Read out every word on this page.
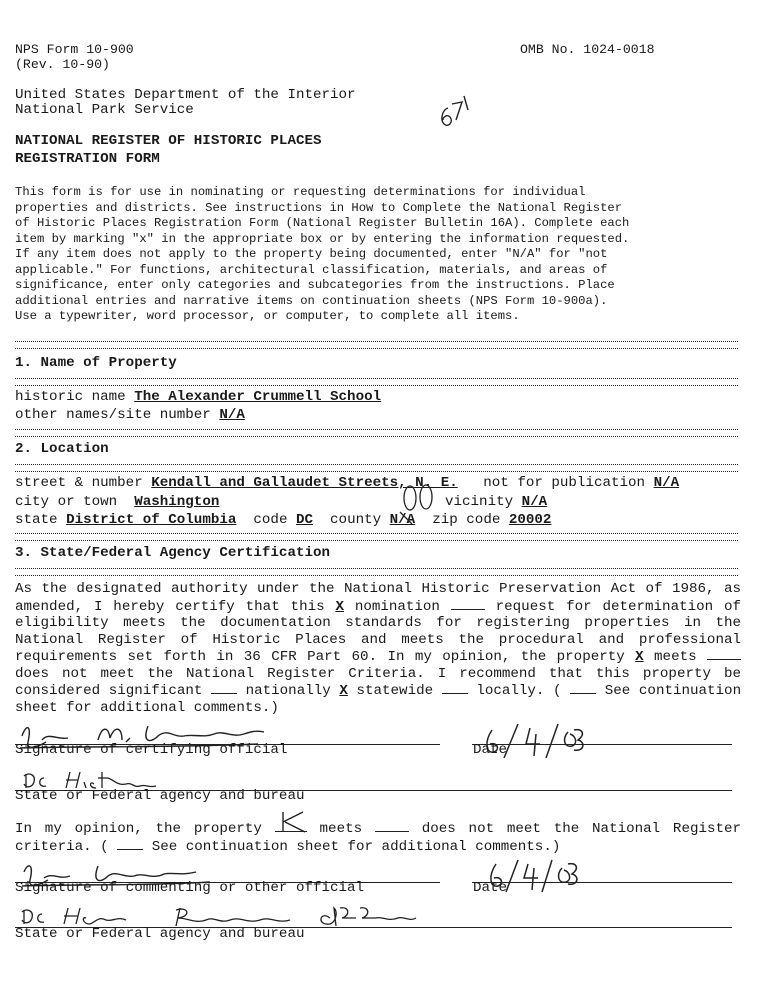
NPS Form 10-900
(Rev. 10-90)
OMB No. 1024-0018
United States Department of the Interior
National Park Service
NATIONAL REGISTER OF HISTORIC PLACES
REGISTRATION FORM
This form is for use in nominating or requesting determinations for individual properties and districts. See instructions in How to Complete the National Register of Historic Places Registration Form (National Register Bulletin 16A). Complete each item by marking "x" in the appropriate box or by entering the information requested. If any item does not apply to the property being documented, enter "N/A" for "not applicable." For functions, architectural classification, materials, and areas of significance, enter only categories and subcategories from the instructions. Place additional entries and narrative items on continuation sheets (NPS Form 10-900a). Use a typewriter, word processor, or computer, to complete all items.
1. Name of Property
historic name The Alexander Crummell School
other names/site number N/A
2. Location
street & number Kendall and Gallaudet Streets, N. E. not for publication N/A
city or town Washington	vicinity N/A
state District of Columbia code DC county N/A zip code 20002
3. State/Federal Agency Certification
As the designated authority under the National Historic Preservation Act of 1986, as amended, I hereby certify that this X nomination	request for determination of eligibility meets the documentation standards for registering properties in the National Register of Historic Places and meets the procedural and professional requirements set forth in 36 CFR Part 60. In my opinion, the property X meets  does not meet the National Register Criteria. I recommend that this property be considered significant	nationally X statewide	locally. (	See continuation sheet for additional comments.)
Signature of certifying official	Date
State or Federal agency and bureau
In my opinion, the property	meets	does not meet the National Register criteria. (	See continuation sheet for additional comments.)
Signature of commenting or other official	Date
State or Federal agency and bureau
